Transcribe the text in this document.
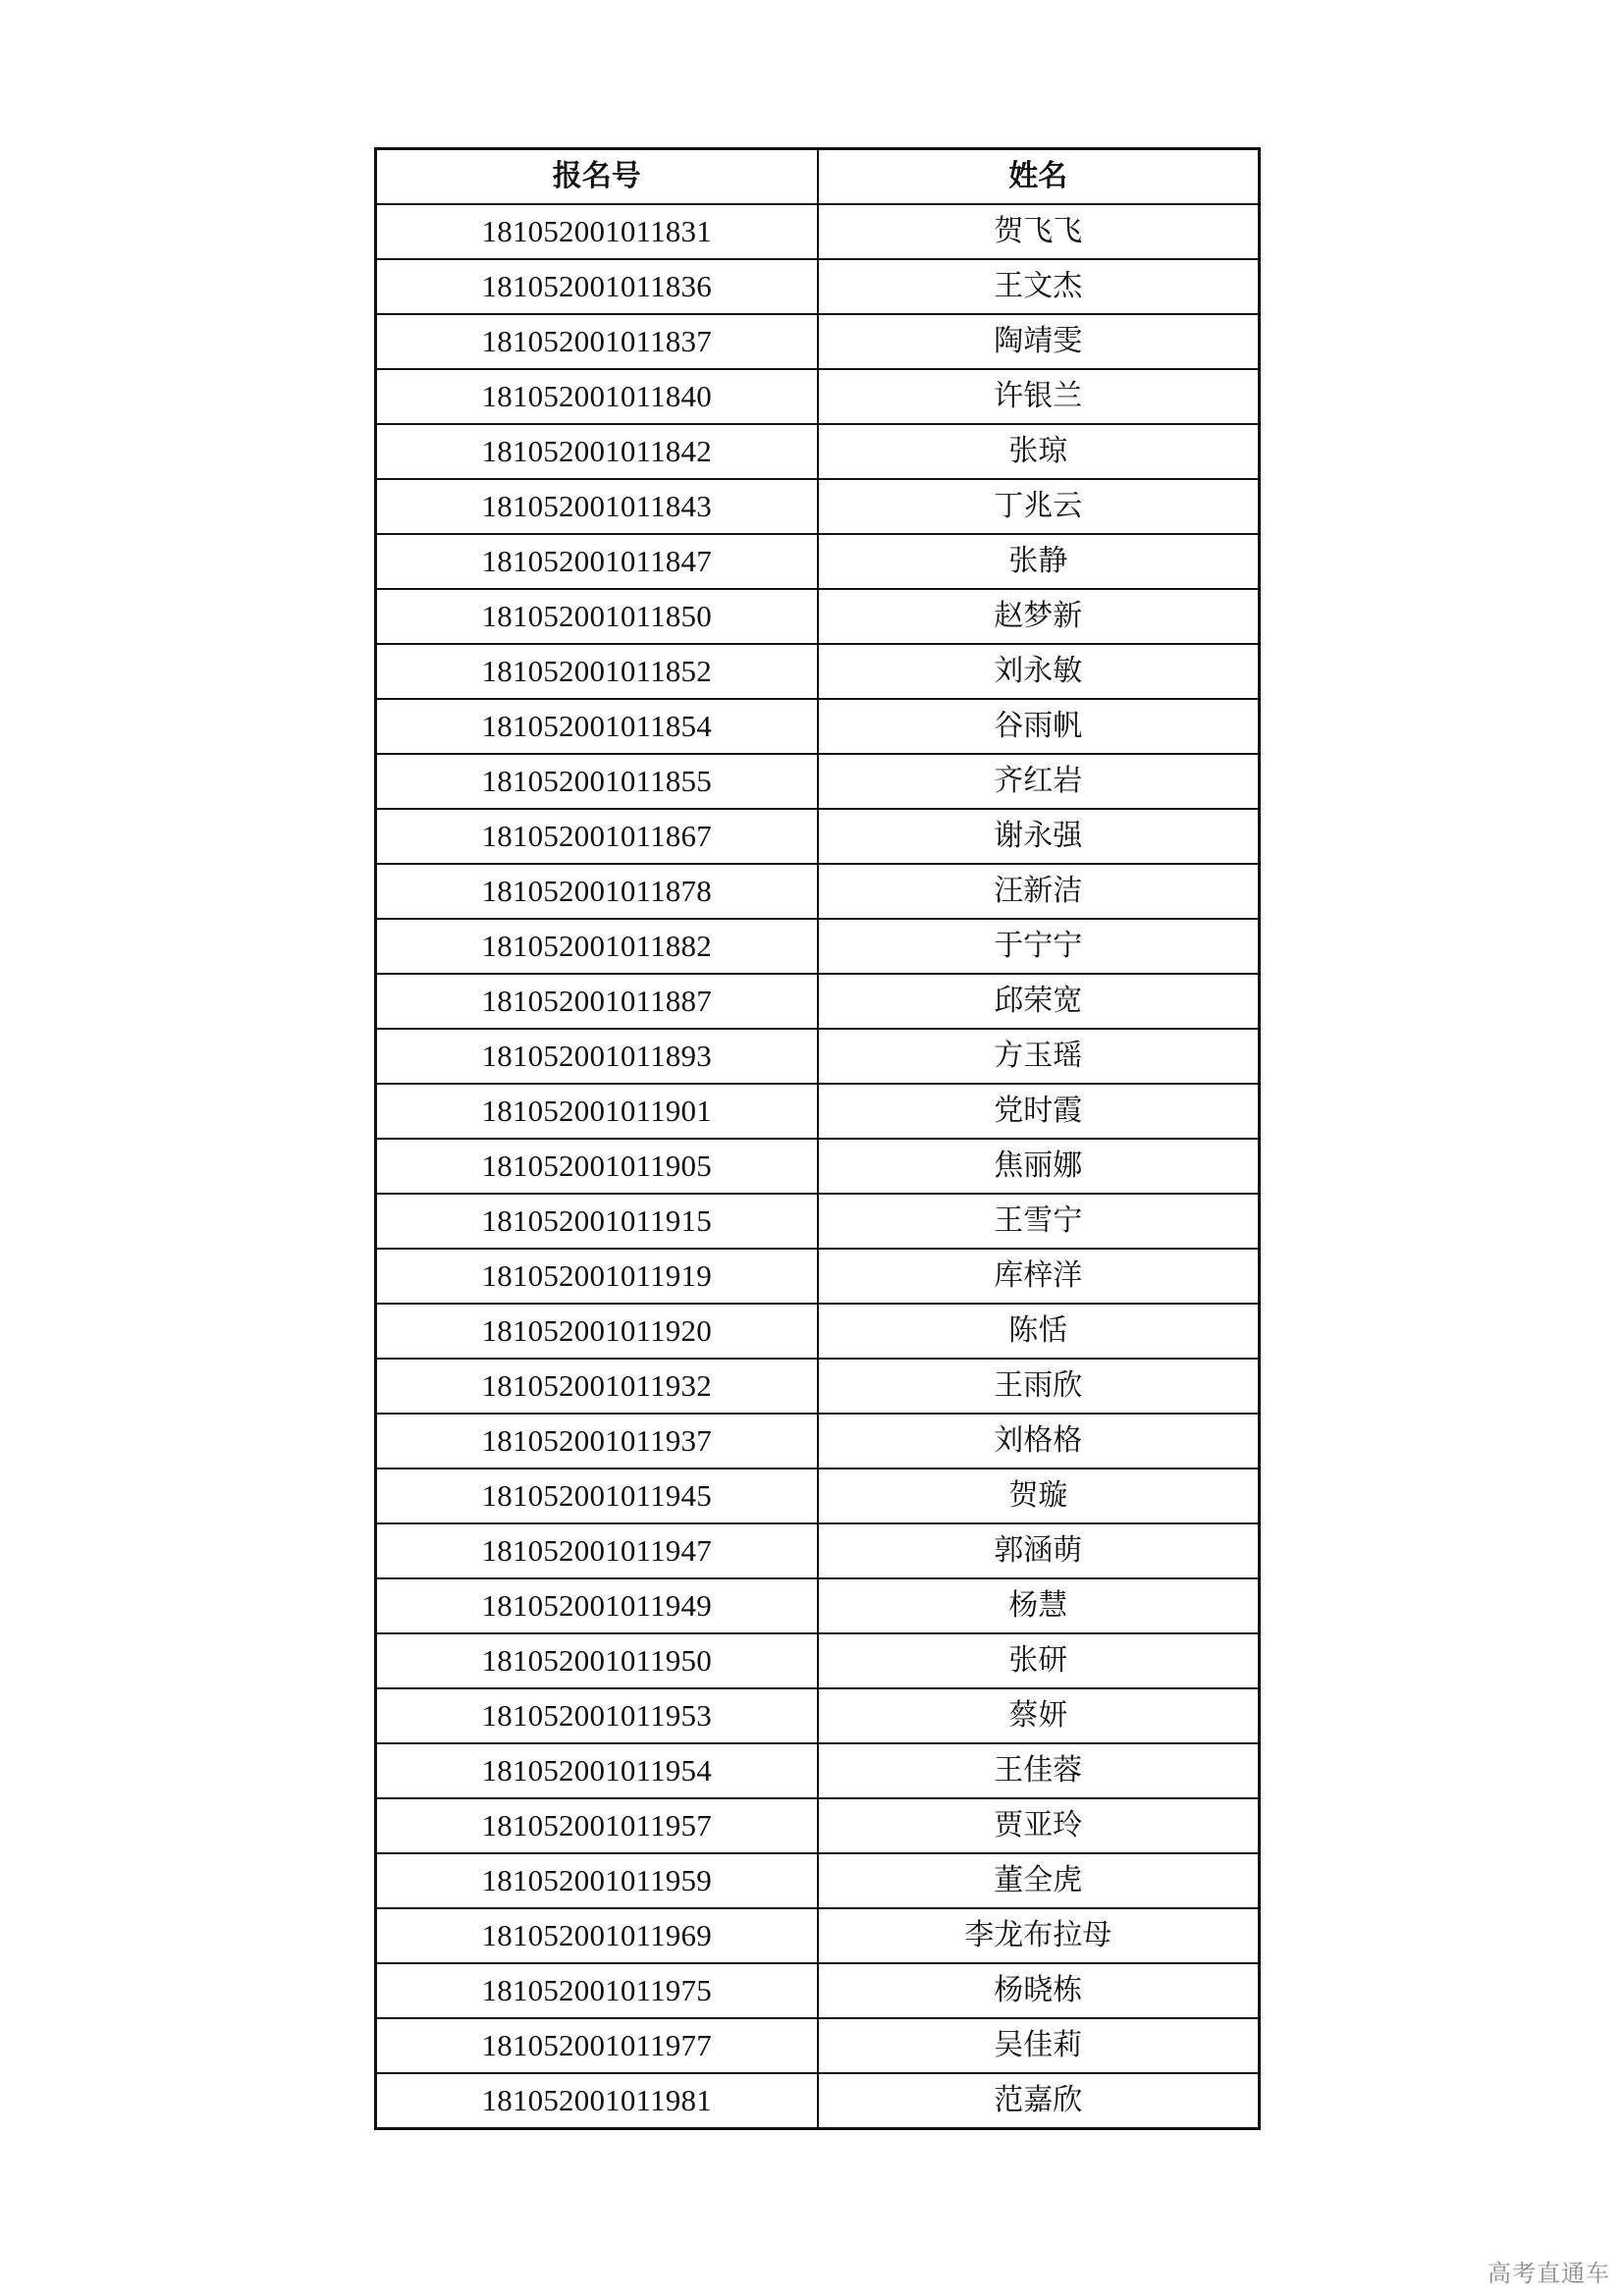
报名号	姓名
181052001011831	贺飞飞
181052001011836	王文杰
181052001011837	陶靖雯
181052001011840	许银兰
181052001011842	张琼
181052001011843	丁兆云
181052001011847	张静
181052001011850	赵梦新
181052001011852	刘永敏
181052001011854	谷雨帆
181052001011855	齐红岩
181052001011867	谢永强
181052001011878	汪新洁
181052001011882	于宁宁
181052001011887	邱荣宽
181052001011893	方玉瑶
181052001011901	党时霞
181052001011905	焦丽娜
181052001011915	王雪宁
181052001011919	库梓洋
181052001011920	陈恬
181052001011932	王雨欣
181052001011937	刘格格
181052001011945	贺璇
181052001011947	郭涵萌
181052001011949	杨慧
181052001011950	张研
181052001011953	蔡妍
181052001011954	王佳蓉
181052001011957	贾亚玲
181052001011959	董全虎
181052001011969	李龙布拉母
181052001011975	杨晓栋
181052001011977	吴佳莉
181052001011981	范嘉欣
高考直通车
